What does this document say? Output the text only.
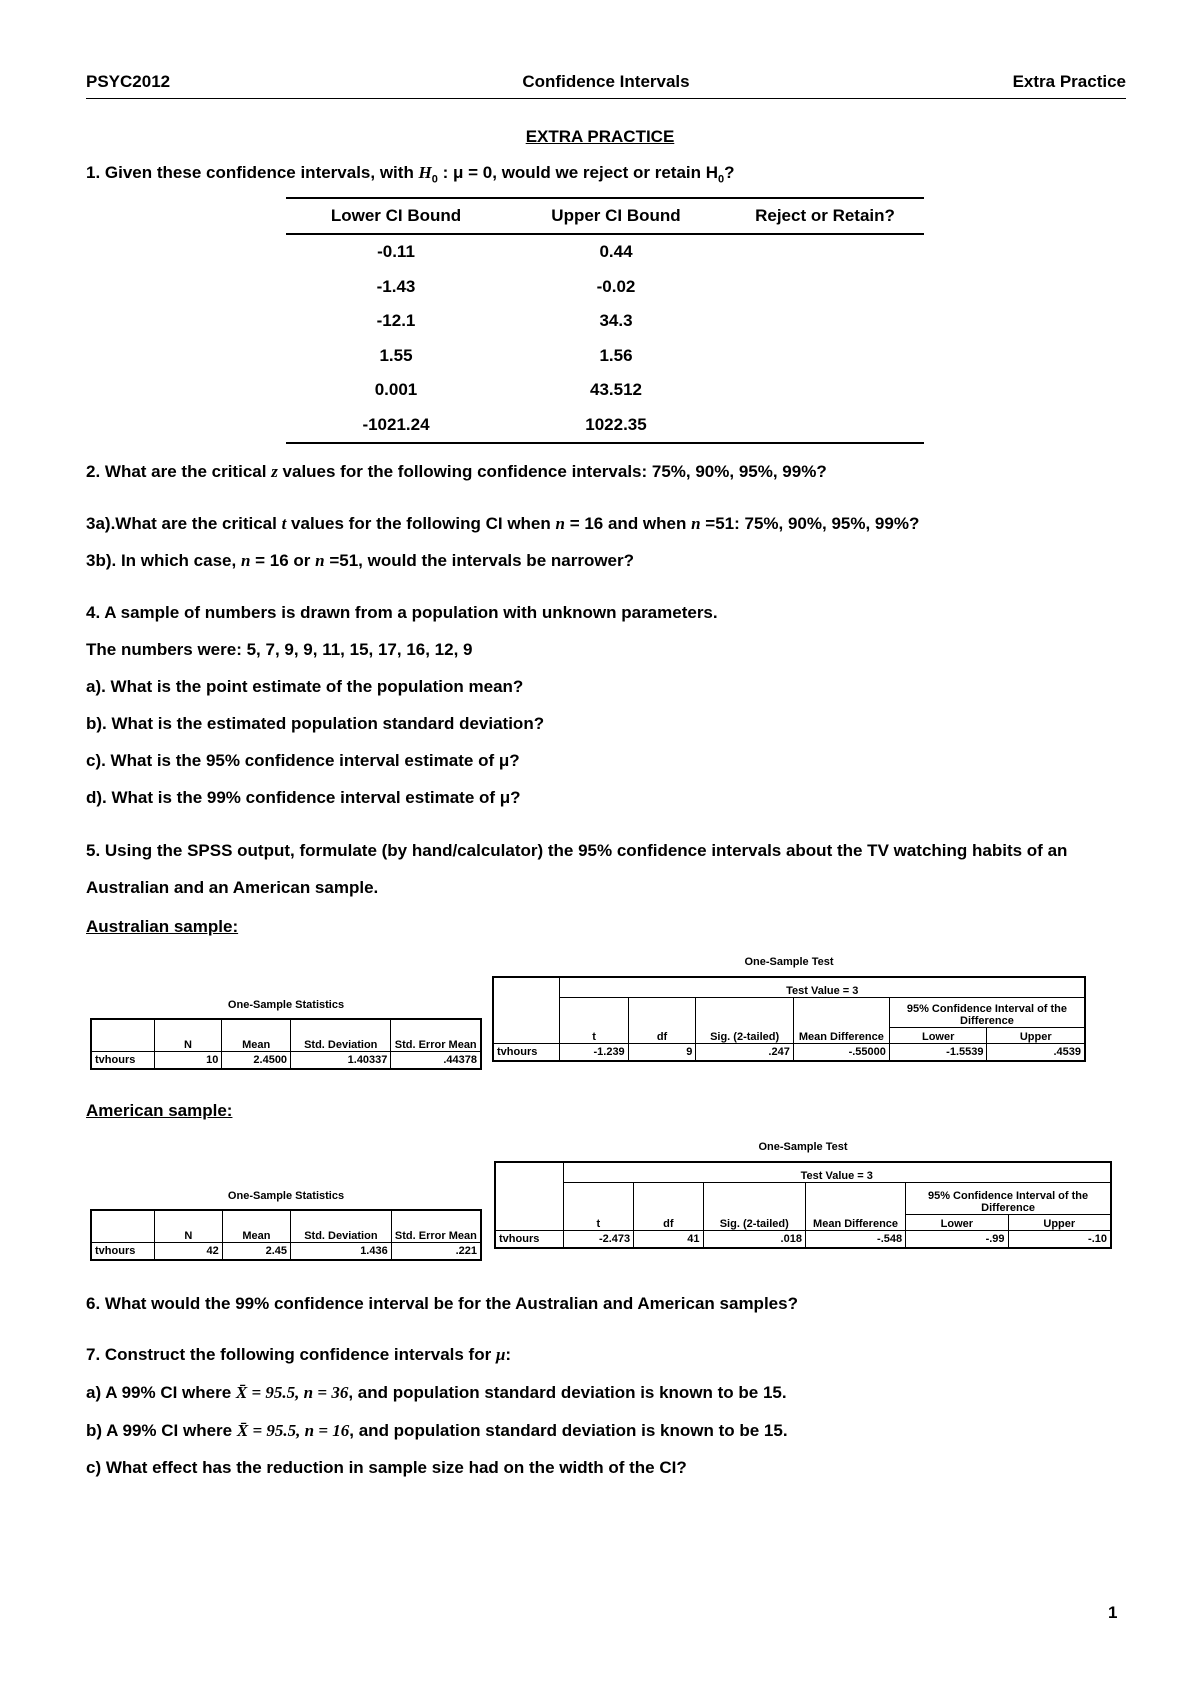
PSYC2012	Confidence Intervals	Extra Practice
EXTRA PRACTICE
1. Given these confidence intervals, with $H_0$ : μ = 0, would we reject or retain $H_0$?
Lower CI Bound	Upper CI Bound	Reject or Retain?
-0.11	0.44	
-1.43	-0.02	
-12.1	34.3	
1.55	1.56	
0.001	43.512	
-1021.24	1022.35	
2. What are the critical z values for the following confidence intervals: 75%, 90%, 95%, 99%?
3a).What are the critical t values for the following CI when n = 16 and when n =51: 75%, 90%, 95%, 99%?
3b). In which case, n = 16 or n =51, would the intervals be narrower?
4. A sample of numbers is drawn from a population with unknown parameters.
The numbers were: 5, 7, 9, 9, 11, 15, 17, 16, 12, 9
a). What is the point estimate of the population mean?
b). What is the estimated population standard deviation?
c). What is the 95% confidence interval estimate of μ?
d). What is the 99% confidence interval estimate of μ?
5. Using the SPSS output, formulate (by hand/calculator) the 95% confidence intervals about the TV watching habits of an
Australian and an American sample.
Australian sample:
One-Sample Statistics
	N	Mean	Std. Deviation	Std. Error Mean
tvhours	10	2.4500	1.40337	.44378
One-Sample Test
	Test Value = 3					
	t	df	Sig. (2-tailed)	Mean Difference	95% Confidence Interval of the Difference	
					Lower	Upper
tvhours	-1.239	9	.247	-.55000	-1.5539	.4539
American sample:
One-Sample Statistics
	N	Mean	Std. Deviation	Std. Error Mean
tvhours	42	2.45	1.436	.221
One-Sample Test
	Test Value = 3					
	t	df	Sig. (2-tailed)	Mean Difference	95% Confidence Interval of the Difference	
					Lower	Upper
tvhours	-2.473	41	.018	-.548	-.99	-.10
6. What would the 99% confidence interval be for the Australian and American samples?
7. Construct the following confidence intervals for μ:
a) A 99% CI where X̄ = 95.5, n = 36, and population standard deviation is known to be 15.
b) A 99% CI where X̄ = 95.5, n = 16, and population standard deviation is known to be 15.
c) What effect has the reduction in sample size had on the width of the CI?
1
